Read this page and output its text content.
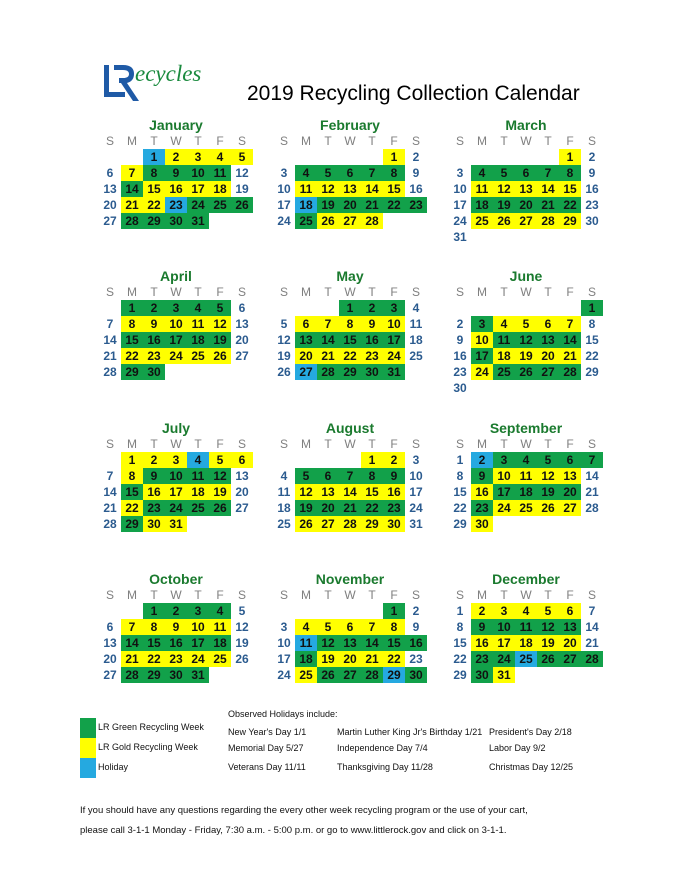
ecycles
2019 Recycling Collection Calendar
January
S	M	T	W	T	F	S
		1	2	3	4	5
6	7	8	9	10	11	12
13	14	15	16	17	18	19
20	21	22	23	24	25	26
27	28	29	30	31		
February
S	M	T	W	T	F	S
					1	2
3	4	5	6	7	8	9
10	11	12	13	14	15	16
17	18	19	20	21	22	23
24	25	26	27	28		
March
S	M	T	W	T	F	S
					1	2
3	4	5	6	7	8	9
10	11	12	13	14	15	16
17	18	19	20	21	22	23
24	25	26	27	28	29	30
31						
April
S	M	T	W	T	F	S
	1	2	3	4	5	6
7	8	9	10	11	12	13
14	15	16	17	18	19	20
21	22	23	24	25	26	27
28	29	30				
May
S	M	T	W	T	F	S
			1	2	3	4
5	6	7	8	9	10	11
12	13	14	15	16	17	18
19	20	21	22	23	24	25
26	27	28	29	30	31	
June
S	M	T	W	T	F	S
						1
2	3	4	5	6	7	8
9	10	11	12	13	14	15
16	17	18	19	20	21	22
23	24	25	26	27	28	29
30						
July
S	M	T	W	T	F	S
	1	2	3	4	5	6
7	8	9	10	11	12	13
14	15	16	17	18	19	20
21	22	23	24	25	26	27
28	29	30	31			
August
S	M	T	W	T	F	S
				1	2	3
4	5	6	7	8	9	10
11	12	13	14	15	16	17
18	19	20	21	22	23	24
25	26	27	28	29	30	31
September
S	M	T	W	T	F	S
1	2	3	4	5	6	7
8	9	10	11	12	13	14
15	16	17	18	19	20	21
22	23	24	25	26	27	28
29	30					
October
S	M	T	W	T	F	S
		1	2	3	4	5
6	7	8	9	10	11	12
13	14	15	16	17	18	19
20	21	22	23	24	25	26
27	28	29	30	31		
November
S	M	T	W	T	F	S
					1	2
3	4	5	6	7	8	9
10	11	12	13	14	15	16
17	18	19	20	21	22	23
24	25	26	27	28	29	30
December
S	M	T	W	T	F	S
1	2	3	4	5	6	7
8	9	10	11	12	13	14
15	16	17	18	19	20	21
22	23	24	25	26	27	28
29	30	31				
LR Green Recycling Week
LR Gold Recycling Week
Holiday
Observed Holidays include:
New Year's Day 1/1	Martin Luther King Jr's Birthday 1/21 President's Day 2/18
Memorial Day 5/27	Independence Day 7/4	Labor Day 9/2
Veterans Day 11/11	Thanksgiving Day 11/28	Christmas Day 12/25
If you should have any questions regarding the every other week recycling program or the use of your cart,
please call 3-1-1 Monday - Friday, 7:30 a.m. - 5:00 p.m. or go to www.littlerock.gov and click on 3-1-1.
